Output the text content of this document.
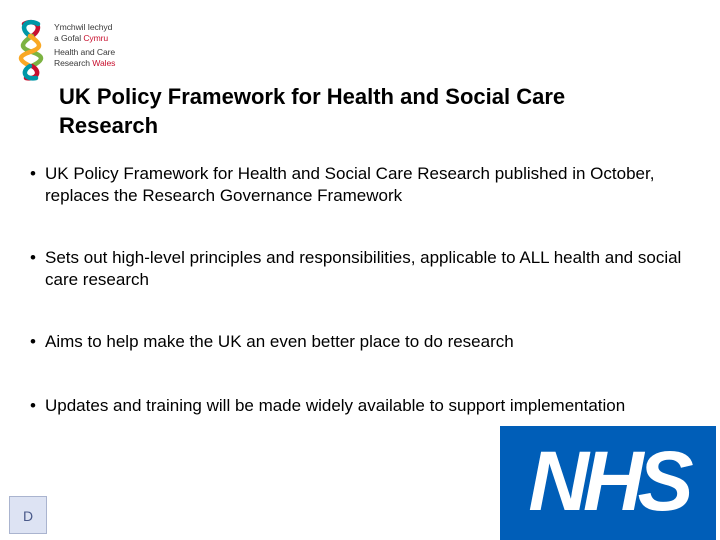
Ymchwil Iechyd
a Gofal Cymru
Health and Care
Research Wales
UK Policy Framework for Health and Social Care Research
• UK Policy Framework for Health and Social Care Research published in October, replaces the Research Governance Framework
• Sets out high-level principles and responsibilities, applicable to ALL health and social care research
• Aims to help make the UK an even better place to do research
• Updates and training will be made widely available to support implementation
D	NHS
